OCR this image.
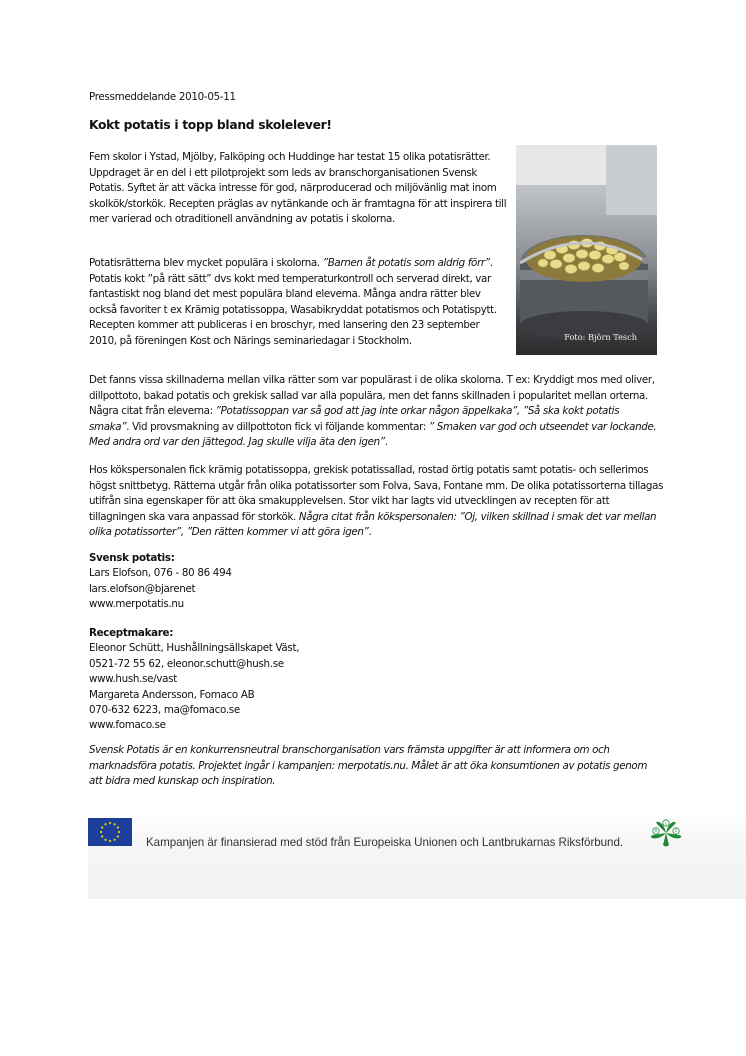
Pressmeddelande 2010-05-11
Kokt potatis i topp bland skolelever!
Fem skolor i Ystad, Mjölby, Falköping och Huddinge har testat 15 olika potatisrätter. Uppdraget är en del i ett pilotprojekt som leds av branschorganisationen Svensk Potatis. Syftet är att väcka intresse för god, närproducerad och miljövänlig mat inom skolkök/storkök. Recepten präglas av nytänkande och är framtagna för att inspirera till mer varierad och otraditionell användning av potatis i skolorna.
Potatisrätterna blev mycket populära i skolorna. ”Barnen åt potatis som aldrig förr”. Potatis kokt ”på rätt sätt” dvs kokt med temperaturkontroll och serverad direkt, var fantastiskt nog bland det mest populära bland eleverna. Många andra rätter blev också favoriter t ex Krämig potatissoppa, Wasabikryddat potatismos och Potatispytt. Recepten kommer att publiceras i en broschyr, med lansering den 23 september 2010, på föreningen Kost och Närings seminariedagar i Stockholm.	Foto: Björn Tesch
Det fanns vissa skillnaderna mellan vilka rätter som var populärast i de olika skolorna. T ex: Kryddigt mos med oliver, dillpottoto, bakad potatis och grekisk sallad var alla populära, men det fanns skillnaden i popularitet mellan orterna. Några citat från eleverna: ”Potatissoppan var så god att jag inte orkar någon äppelkaka”, ”Så ska kokt potatis smaka”. Vid provsmakning av dillpottoton fick vi följande kommentar: ” Smaken var god och utseendet var lockande. Med andra ord var den jättegod. Jag skulle vilja äta den igen”.
Hos kökspersonalen fick krämig potatissoppa, grekisk potatissallad, rostad örtig potatis samt potatis- och sellerimos högst snittbetyg. Rätterna utgår från olika potatissorter som Folva, Sava, Fontane mm. De olika potatissorterna tillagas utifrån sina egenskaper för att öka smakupplevelsen. Stor vikt har lagts vid utvecklingen av recepten för att tillagningen ska vara anpassad för storkök. Några citat från kökspersonalen: ”Oj, vilken skillnad i smak det var mellan olika potatissorter”, ”Den rätten kommer vi att göra igen”.
Svensk potatis:
Lars Elofson, 076 - 80 86 494
lars.elofson@bjarenet
www.merpotatis.nu
Receptmakare:
Eleonor Schütt, Hushållningsällskapet Väst,
0521-72 55 62, eleonor.schutt@hush.se
www.hush.se/vast
Margareta Andersson, Fomaco AB
070-632 6223, ma@fomaco.se
www.fomaco.se
Svensk Potatis är en konkurrensneutral branschorganisation vars främsta uppgifter är att informera om och marknadsföra potatis. Projektet ingår i kampanjen: merpotatis.nu. Målet är att öka konsumtionen av potatis genom att bidra med kunskap och inspiration.
Kampanjen är finansierad med stöd från Europeiska Unionen och Lantbrukarnas Riksförbund.
L
R	F
